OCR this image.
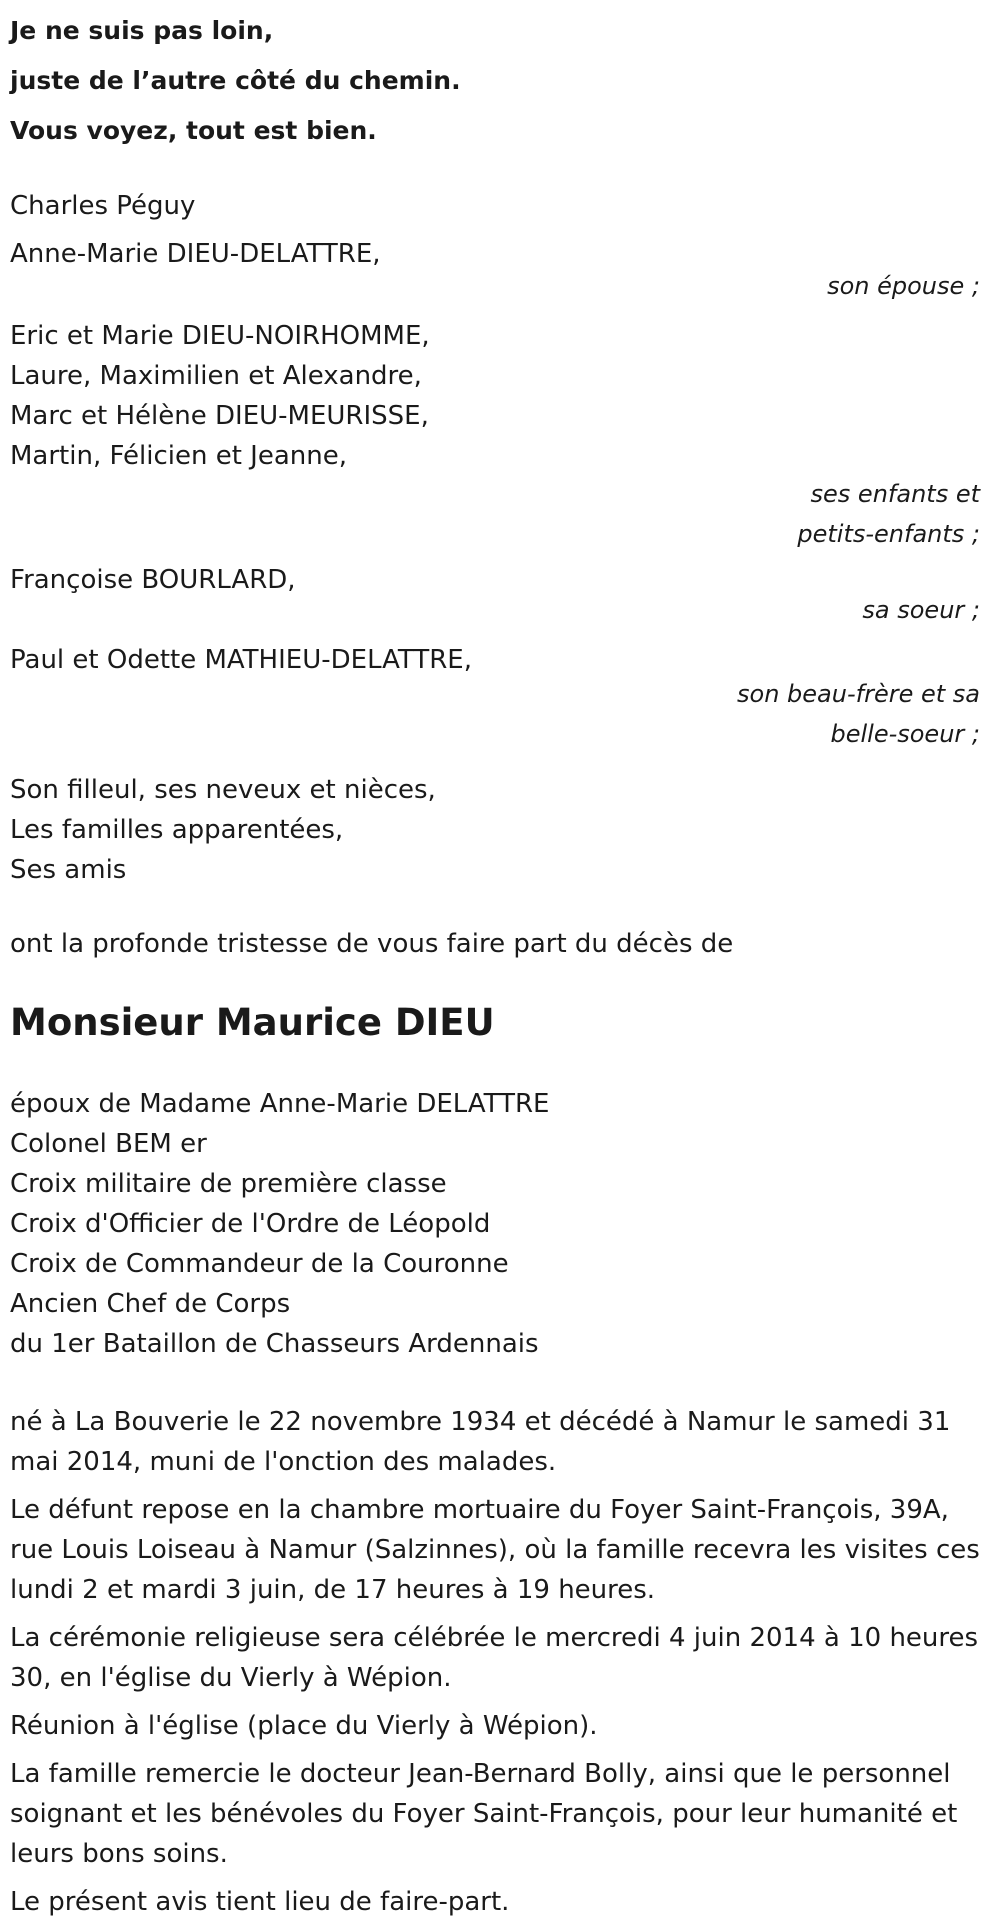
Je ne suis pas loin,
juste de l’autre côté du chemin.
Vous voyez, tout est bien.
Charles Péguy
Anne-Marie DIEU-DELATTRE,
son épouse ;
Eric et Marie DIEU-NOIRHOMME,
Laure, Maximilien et Alexandre,
Marc et Hélène DIEU-MEURISSE,
Martin, Félicien et Jeanne,
ses enfants et
petits-enfants ;
Françoise BOURLARD,
sa soeur ;
Paul et Odette MATHIEU-DELATTRE,
son beau-frère et sa
belle-soeur ;
Son filleul, ses neveux et nièces,
Les familles apparentées,
Ses amis
ont la profonde tristesse de vous faire part du décès de
Monsieur Maurice DIEU
époux de Madame Anne-Marie DELATTRE
Colonel BEM er
Croix militaire de première classe
Croix d'Officier de l'Ordre de Léopold
Croix de Commandeur de la Couronne
Ancien Chef de Corps
du 1er Bataillon de Chasseurs Ardennais

né à La Bouverie le 22 novembre 1934 et décédé à Namur le samedi 31 mai 2014, muni de l'onction des malades.

Le défunt repose en la chambre mortuaire du Foyer Saint-François, 39A, rue Louis Loiseau à Namur (Salzinnes), où la famille recevra les visites ces lundi 2 et mardi 3 juin, de 17 heures à 19 heures.

La cérémonie religieuse sera célébrée le mercredi 4 juin 2014 à 10 heures 30, en l'église du Vierly à Wépion.

Réunion à l'église (place du Vierly à Wépion).

La famille remercie le docteur Jean-Bernard Bolly, ainsi que le personnel soignant et les bénévoles du Foyer Saint-François, pour leur humanité et leurs bons soins.

Le présent avis tient lieu de faire-part.
